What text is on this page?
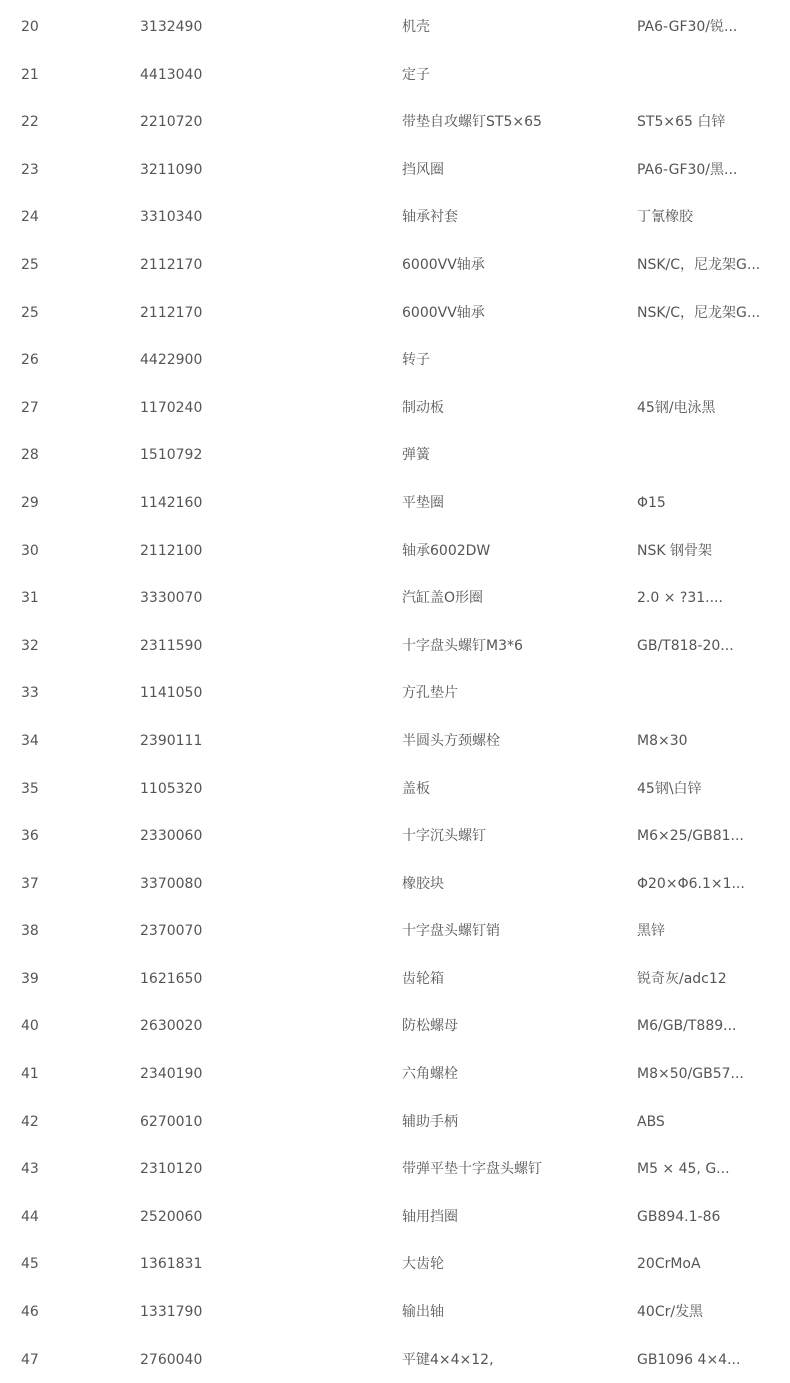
20	3132490	机壳	PA6-GF30/锐...
21	4413040	定子
22	2210720	带垫自攻螺钉ST5×65	ST5×65 白锌
23	3211090	挡风圈	PA6-GF30/黑...
24	3310340	轴承衬套	丁氰橡胶
25	2112170	6000VV轴承	NSK/C，尼龙架G...
25	2112170	6000VV轴承	NSK/C，尼龙架G...
26	4422900	转子
27	1170240	制动板	45钢/电泳黑
28	1510792	弹簧
29	1142160	平垫圈	Φ15
30	2112100	轴承6002DW	NSK 钢骨架
31	3330070	汽缸盖O形圈	2.0 × ?31....
32	2311590	十字盘头螺钉M3*6	GB/T818-20...
33	1141050	方孔垫片
34	2390111	半圆头方颈螺栓	M8×30
35	1105320	盖板	45钢\白锌
36	2330060	十字沉头螺钉	M6×25/GB81...
37	3370080	橡胶块	Φ20×Φ6.1×1...
38	2370070	十字盘头螺钉销	黑锌
39	1621650	齿轮箱	锐奇灰/adc12
40	2630020	防松螺母	M6/GB/T889...
41	2340190	六角螺栓	M8×50/GB57...
42	6270010	辅助手柄	ABS
43	2310120	带弹平垫十字盘头螺钉	M5 × 45, G...
44	2520060	轴用挡圈	GB894.1-86
45	1361831	大齿轮	20CrMoA
46	1331790	输出轴	40Cr/发黑
47	2760040	平键4×4×12,	GB1096 4×4...
